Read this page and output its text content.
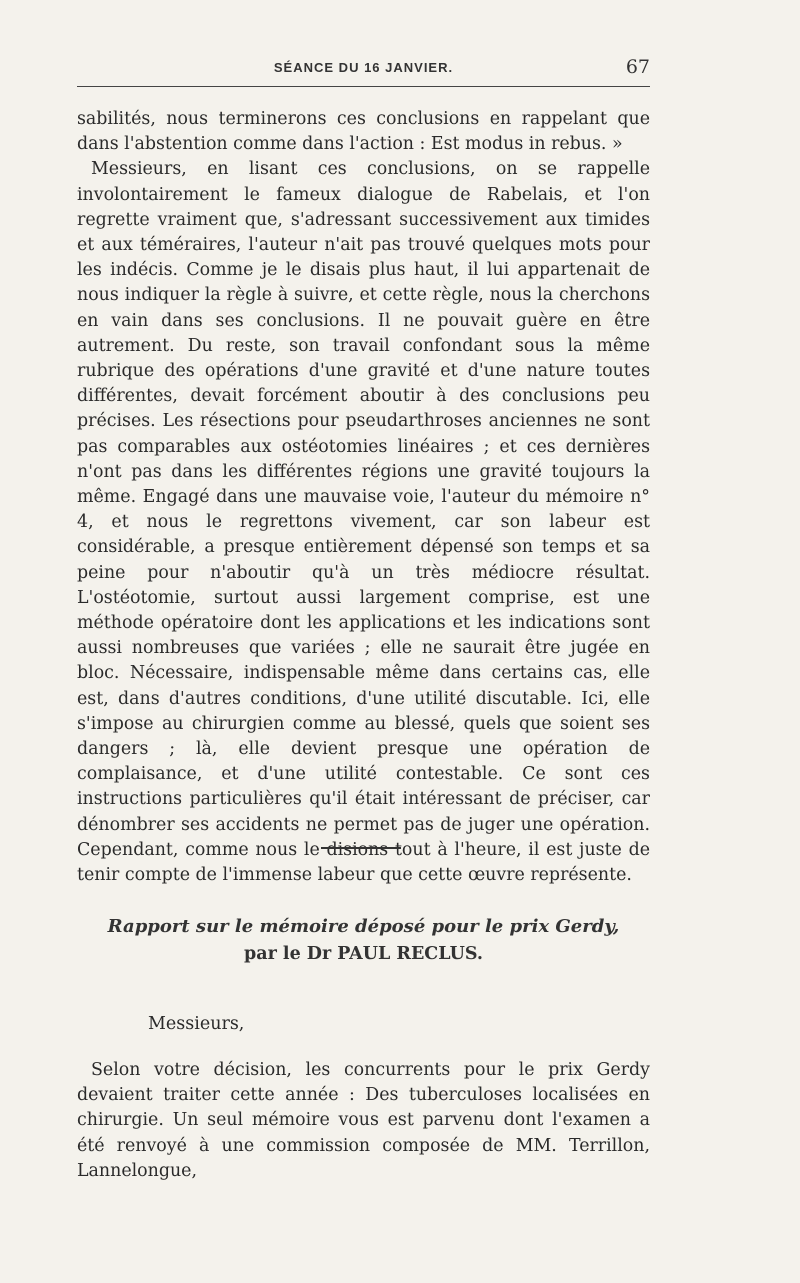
SÉANCE DU 16 JANVIER.	67

sabilités, nous terminerons ces conclusions en rappelant que dans l'abstention comme dans l'action : Est modus in rebus. »

Messieurs, en lisant ces conclusions, on se rappelle involontairement le fameux dialogue de Rabelais, et l'on regrette vraiment que, s'adressant successivement aux timides et aux téméraires, l'auteur n'ait pas trouvé quelques mots pour les indécis. Comme je le disais plus haut, il lui appartenait de nous indiquer la règle à suivre, et cette règle, nous la cherchons en vain dans ses conclusions. Il ne pouvait guère en être autrement. Du reste, son travail confondant sous la même rubrique des opérations d'une gravité et d'une nature toutes différentes, devait forcément aboutir à des conclusions peu précises. Les résections pour pseudarthroses anciennes ne sont pas comparables aux ostéotomies linéaires ; et ces dernières n'ont pas dans les différentes régions une gravité toujours la même. Engagé dans une mauvaise voie, l'auteur du mémoire n° 4, et nous le regrettons vivement, car son labeur est considérable, a presque entièrement dépensé son temps et sa peine pour n'aboutir qu'à un très médiocre résultat. L'ostéotomie, surtout aussi largement comprise, est une méthode opératoire dont les applications et les indications sont aussi nombreuses que variées ; elle ne saurait être jugée en bloc. Nécessaire, indispensable même dans certains cas, elle est, dans d'autres conditions, d'une utilité discutable. Ici, elle s'impose au chirurgien comme au blessé, quels que soient ses dangers ; là, elle devient presque une opération de complaisance, et d'une utilité contestable. Ce sont ces instructions particulières qu'il était intéressant de préciser, car dénombrer ses accidents ne permet pas de juger une opération. Cependant, comme nous le disions tout à l'heure, il est juste de tenir compte de l'immense labeur que cette œuvre représente.

Rapport sur le mémoire déposé pour le prix Gerdy,
par le Dr PAUL RECLUS.
Messieurs,

Selon votre décision, les concurrents pour le prix Gerdy devaient traiter cette année : Des tuberculoses localisées en chirurgie. Un seul mémoire vous est parvenu dont l'examen a été renvoyé à une commission composée de MM. Terrillon, Lannelongue,
